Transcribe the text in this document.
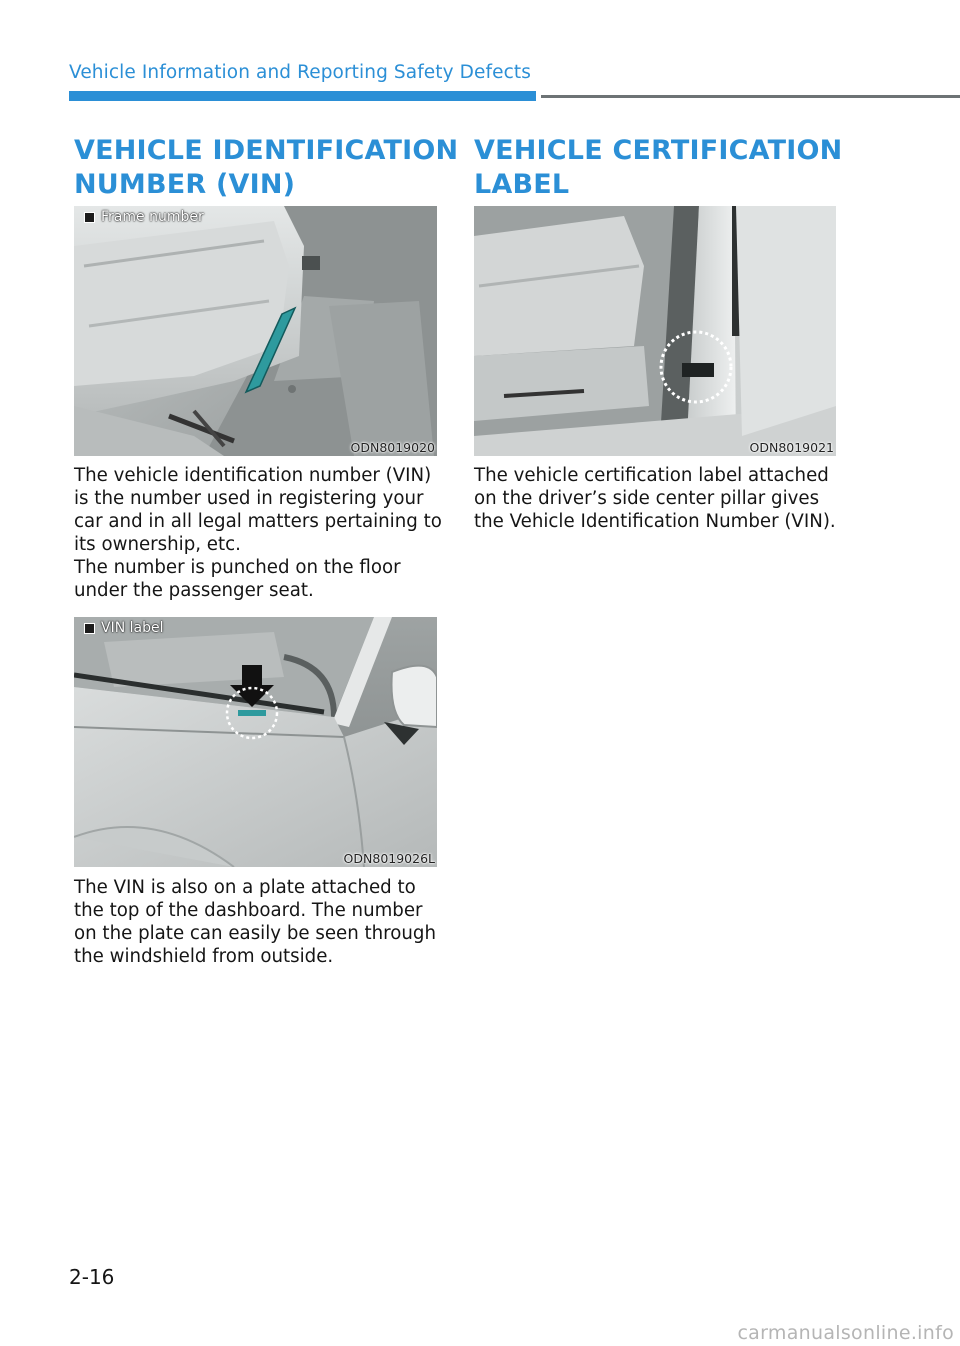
Vehicle Information and Reporting Safety Defects
VEHICLE IDENTIFICATION
NUMBER (VIN)
Frame number
ODN8019020

The vehicle identification number (VIN) is the number used in registering your car and in all legal matters pertaining to its ownership, etc.

The number is punched on the floor under the passenger seat.

VIN label
ODN8019026L

The VIN is also on a plate attached to the top of the dashboard. The number on the plate can easily be seen through the windshield from outside.

VEHICLE CERTIFICATION
LABEL
ODN8019021

The vehicle certification label attached on the driver’s side center pillar gives the Vehicle Identification Number (VIN).

2-16
carmanualsonline.info
